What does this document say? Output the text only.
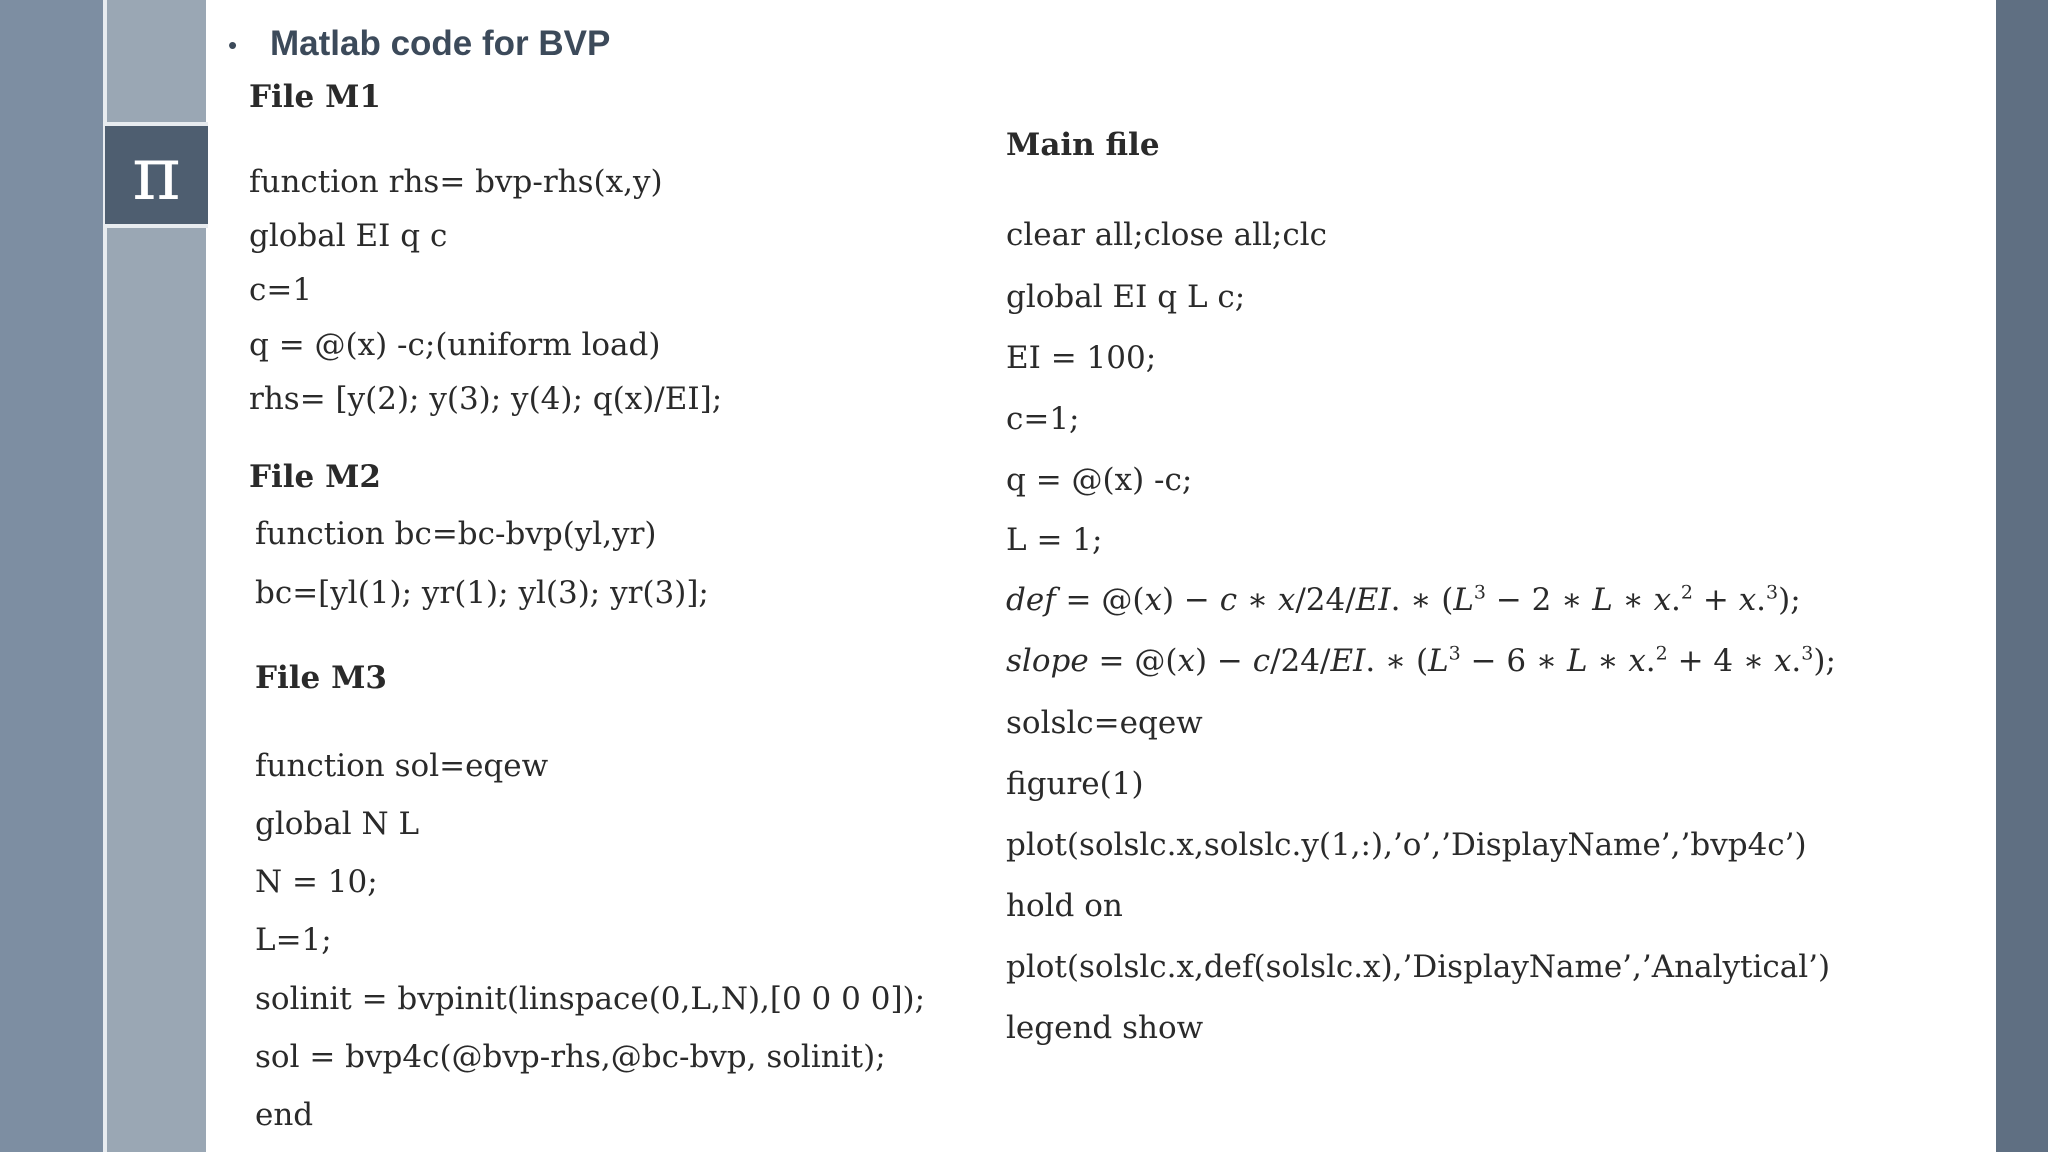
π
• Matlab code for BVP
File M1
function rhs= bvp-rhs(x,y)
global EI q c
c=1
q = @(x) -c;(uniform load)
rhs= [y(2); y(3); y(4); q(x)/EI];
File M2
function bc=bc-bvp(yl,yr)
bc=[yl(1); yr(1); yl(3); yr(3)];
File M3
function sol=eqew
global N L
N = 10;
L=1;
solinit = bvpinit(linspace(0,L,N),[0 0 0 0]);
sol = bvp4c(@bvp-rhs,@bc-bvp, solinit);
end
Main file
clear all;close all;clc
global EI q L c;
EI = 100;
c=1;
q = @(x) -c;
L = 1;
def = @(x) − c ∗ x/24/EI. ∗ ($L^3 - 2$ ∗ L ∗ x.$^2$ + x.$^3$);
slope = @(x) − c/24/EI. ∗ ($L^3 - 6$ ∗ L ∗ x.$^2$ + 4 ∗ x.$^3$);
solslc=eqew
figure(1)
plot(solslc.x,solslc.y(1,:),’o’,’DisplayName’,’bvp4c’)
hold on
plot(solslc.x,def(solslc.x),’DisplayName’,’Analytical’)
legend show
